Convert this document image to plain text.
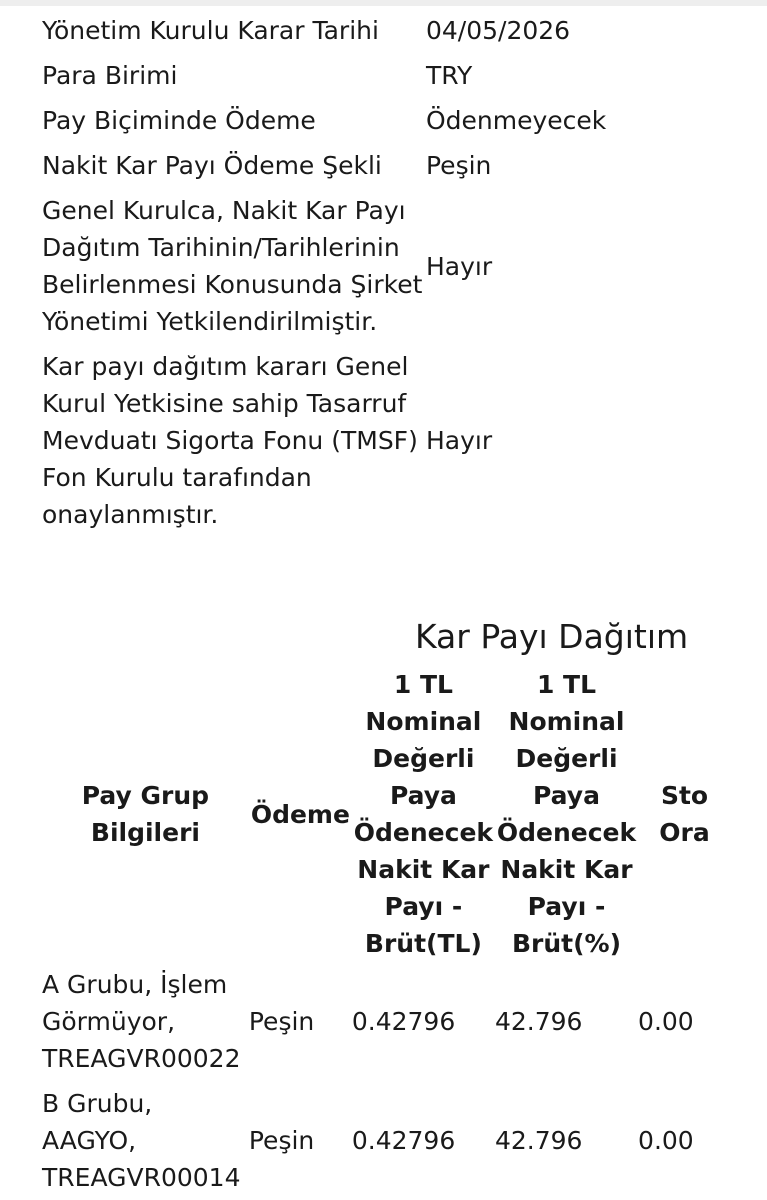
Yönetim Kurulu Karar Tarihi	04/05/2026
Para Birimi	TRY
Pay Biçiminde Ödeme	Ödenmeyecek
Nakit Kar Payı Ödeme Şekli	Peşin
Genel Kurulca, Nakit Kar Payı Dağıtım Tarihinin/Tarihlerinin Belirlenmesi Konusunda Şirket Yönetimi Yetkilendirilmiştir.	Hayır
Kar payı dağıtım kararı Genel Kurul Yetkisine sahip Tasarruf Mevduatı Sigorta Fonu (TMSF) Fon Kurulu tarafından onaylanmıştır.	Hayır
Kar Payı Dağıtım
Pay Grup Bilgileri	Ödeme	1 TL Nominal Değerli Paya Ödenecek Nakit Kar Payı - Brüt(TL)	1 TL Nominal Değerli Paya Ödenecek Nakit Kar Payı - Brüt(%)	Sto Ora
A Grubu, İşlem Görmüyor, TREAGVR00022	Peşin	0.42796	42.796	0.00
B Grubu, AAGYO, TREAGVR00014	Peşin	0.42796	42.796	0.00
